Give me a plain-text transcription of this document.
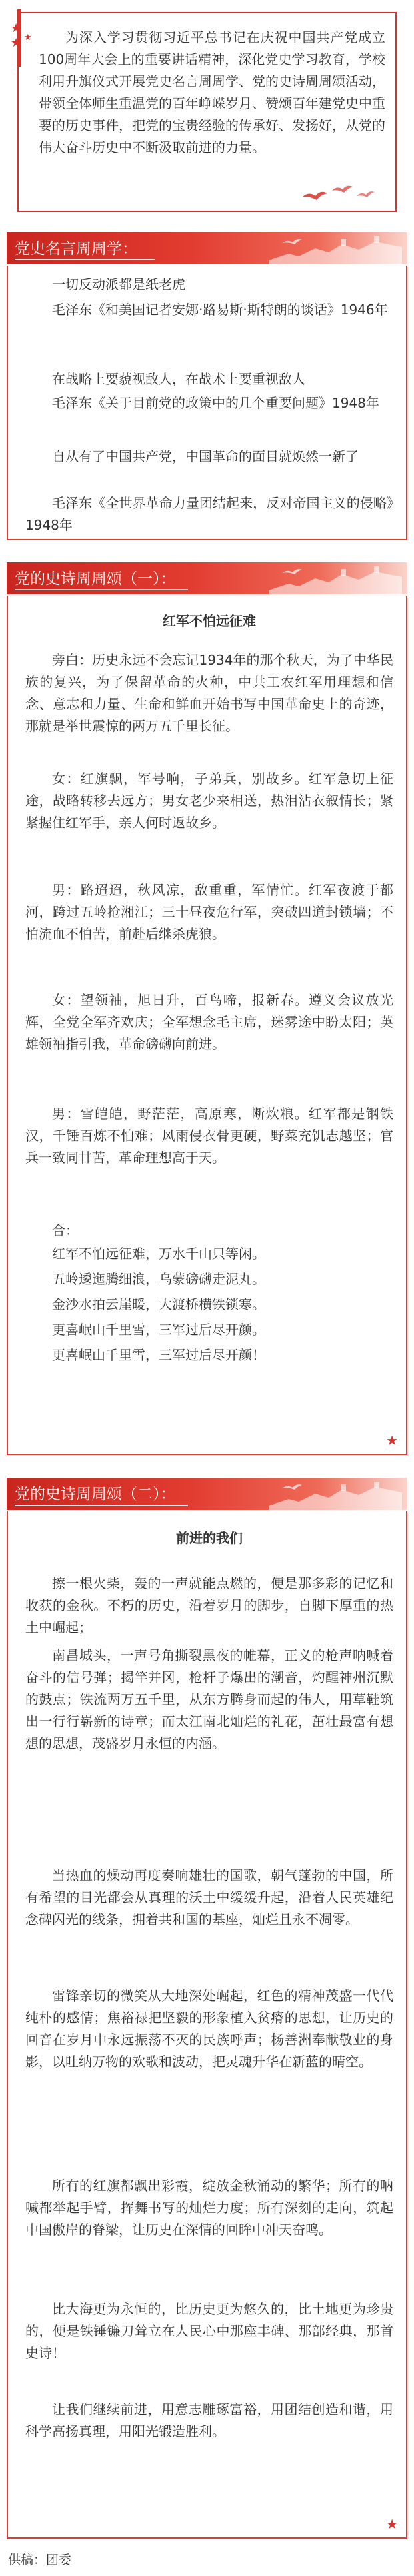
★
★ ★	为深入学习贯彻习近平总书记在庆祝中国共产党成立100周年大会上的重要讲话精神，深化党史学习教育，学校利用升旗仪式开展党史名言周周学、党的史诗周周颂活动，带领全体师生重温党的百年峥嵘岁月、赞颂百年建党史中重要的历史事件，把党的宝贵经验的传承好、发扬好，从党的伟大奋斗历史中不断汲取前进的力量。
党史名言周周学：
一切反动派都是纸老虎
毛泽东《和美国记者安娜·路易斯·斯特朗的谈话》1946年
在战略上要藐视敌人，在战术上要重视敌人
毛泽东《关于目前党的政策中的几个重要问题》1948年
自从有了中国共产党，中国革命的面目就焕然一新了
毛泽东《全世界革命力量团结起来，反对帝国主义的侵略》1948年
党的史诗周周颂（一）：
红军不怕远征难
旁白：历史永远不会忘记1934年的那个秋天，为了中华民族的复兴，为了保留革命的火种，中共工农红军用理想和信念、意志和力量、生命和鲜血开始书写中国革命史上的奇迹，那就是举世震惊的两万五千里长征。
女：红旗飘，军号响，子弟兵，别故乡。红军急切上征途，战略转移去远方；男女老少来相送，热泪沾衣叙情长；紧紧握住红军手，亲人何时返故乡。
男：路迢迢，秋风凉，敌重重，军情忙。红军夜渡于都河，跨过五岭抢湘江；三十昼夜危行军，突破四道封锁墙；不怕流血不怕苦，前赴后继杀虎狼。
女：望领袖，旭日升，百鸟啼，报新春。遵义会议放光辉，全党全军齐欢庆；全军想念毛主席，迷雾途中盼太阳；英雄领袖指引我，革命磅礴向前进。
男：雪皑皑，野茫茫，高原寒，断炊粮。红军都是钢铁汉，千锤百炼不怕难；风雨侵衣骨更硬，野菜充饥志越坚；官兵一致同甘苦，革命理想高于天。
合：
红军不怕远征难，万水千山只等闲。
五岭逶迤腾细浪，乌蒙磅礴走泥丸。
金沙水拍云崖暖，大渡桥横铁锁寒。
更喜岷山千里雪，三军过后尽开颜。
更喜岷山千里雪，三军过后尽开颜！
★
党的史诗周周颂（二）：
前进的我们
擦一根火柴，轰的一声就能点燃的，便是那多彩的记忆和收获的金秋。不朽的历史，沿着岁月的脚步，自脚下厚重的热土中崛起；
南昌城头，一声号角撕裂黑夜的帷幕，正义的枪声呐喊着奋斗的信号弹；揭竿并冈，枪杆子爆出的潮音，灼醒神州沉默的鼓点；铁流两万五千里，从东方腾身而起的伟人，用草鞋筑出一行行崭新的诗章；而太江南北灿烂的礼花，茁壮最富有想想的思想，茂盛岁月永恒的内涵。
当热血的燥动再度奏响雄壮的国歌，朝气蓬勃的中国，所有希望的目光都会从真理的沃土中缓缓升起，沿着人民英雄纪念碑闪光的线条，拥着共和国的基座，灿烂且永不凋零。
雷锋亲切的微笑从大地深处崛起，红色的精神茂盛一代代纯朴的感情；焦裕禄把坚毅的形象植入贫瘠的思想，让历史的回音在岁月中永远振荡不灭的民族呼声；杨善洲奉献敬业的身影，以吐纳万物的欢歌和波动，把灵魂升华在新蓝的晴空。
所有的红旗都飘出彩霞，绽放金秋涌动的繁华；所有的呐喊都举起手臂，挥舞书写的灿烂力度；所有深刻的走向，筑起中国傲岸的脊梁，让历史在深情的回眸中冲天奋鸣。
比大海更为永恒的，比历史更为悠久的，比土地更为珍贵的，便是铁锤镰刀耸立在人民心中那座丰碑、那部经典，那首史诗！
让我们继续前进，用意志雕琢富裕，用团结创造和谐，用科学高扬真理，用阳光锻造胜利。
★
供稿：团委
